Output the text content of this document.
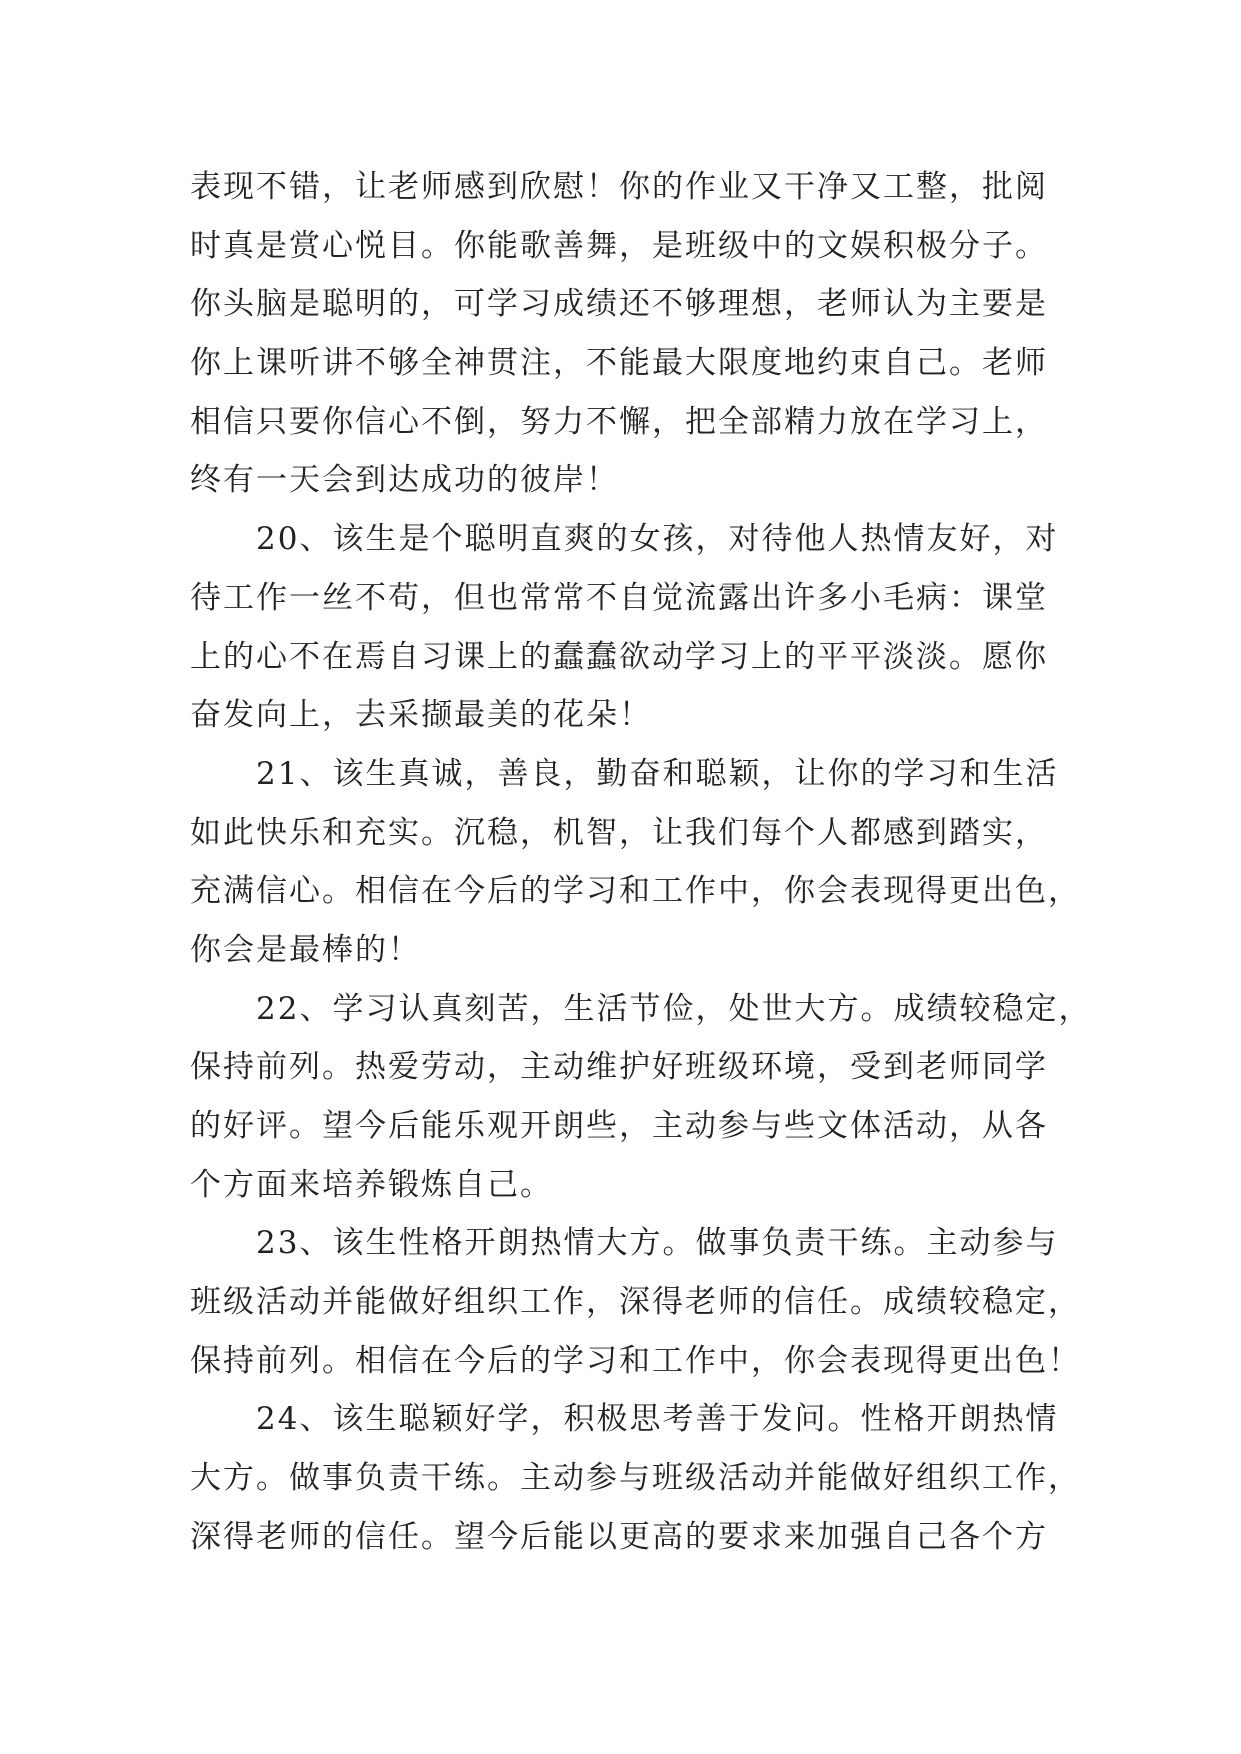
表现不错，让老师感到欣慰！你的作业又干净又工整，批阅
时真是赏心悦目。你能歌善舞，是班级中的文娱积极分子。
你头脑是聪明的，可学习成绩还不够理想，老师认为主要是
你上课听讲不够全神贯注，不能最大限度地约束自己。老师
相信只要你信心不倒，努力不懈，把全部精力放在学习上，
终有一天会到达成功的彼岸！
　　20、该生是个聪明直爽的女孩，对待他人热情友好，对
待工作一丝不苟，但也常常不自觉流露出许多小毛病：课堂
上的心不在焉自习课上的蠢蠢欲动学习上的平平淡淡。愿你
奋发向上，去采撷最美的花朵！
　　21、该生真诚，善良，勤奋和聪颖，让你的学习和生活
如此快乐和充实。沉稳，机智，让我们每个人都感到踏实，
充满信心。相信在今后的学习和工作中，你会表现得更出色，
你会是最棒的！
　　22、学习认真刻苦，生活节俭，处世大方。成绩较稳定，
保持前列。热爱劳动，主动维护好班级环境，受到老师同学
的好评。望今后能乐观开朗些，主动参与些文体活动，从各
个方面来培养锻炼自己。
　　23、该生性格开朗热情大方。做事负责干练。主动参与
班级活动并能做好组织工作，深得老师的信任。成绩较稳定，
保持前列。相信在今后的学习和工作中，你会表现得更出色！
　　24、该生聪颖好学，积极思考善于发问。性格开朗热情
大方。做事负责干练。主动参与班级活动并能做好组织工作，
深得老师的信任。望今后能以更高的要求来加强自己各个方
